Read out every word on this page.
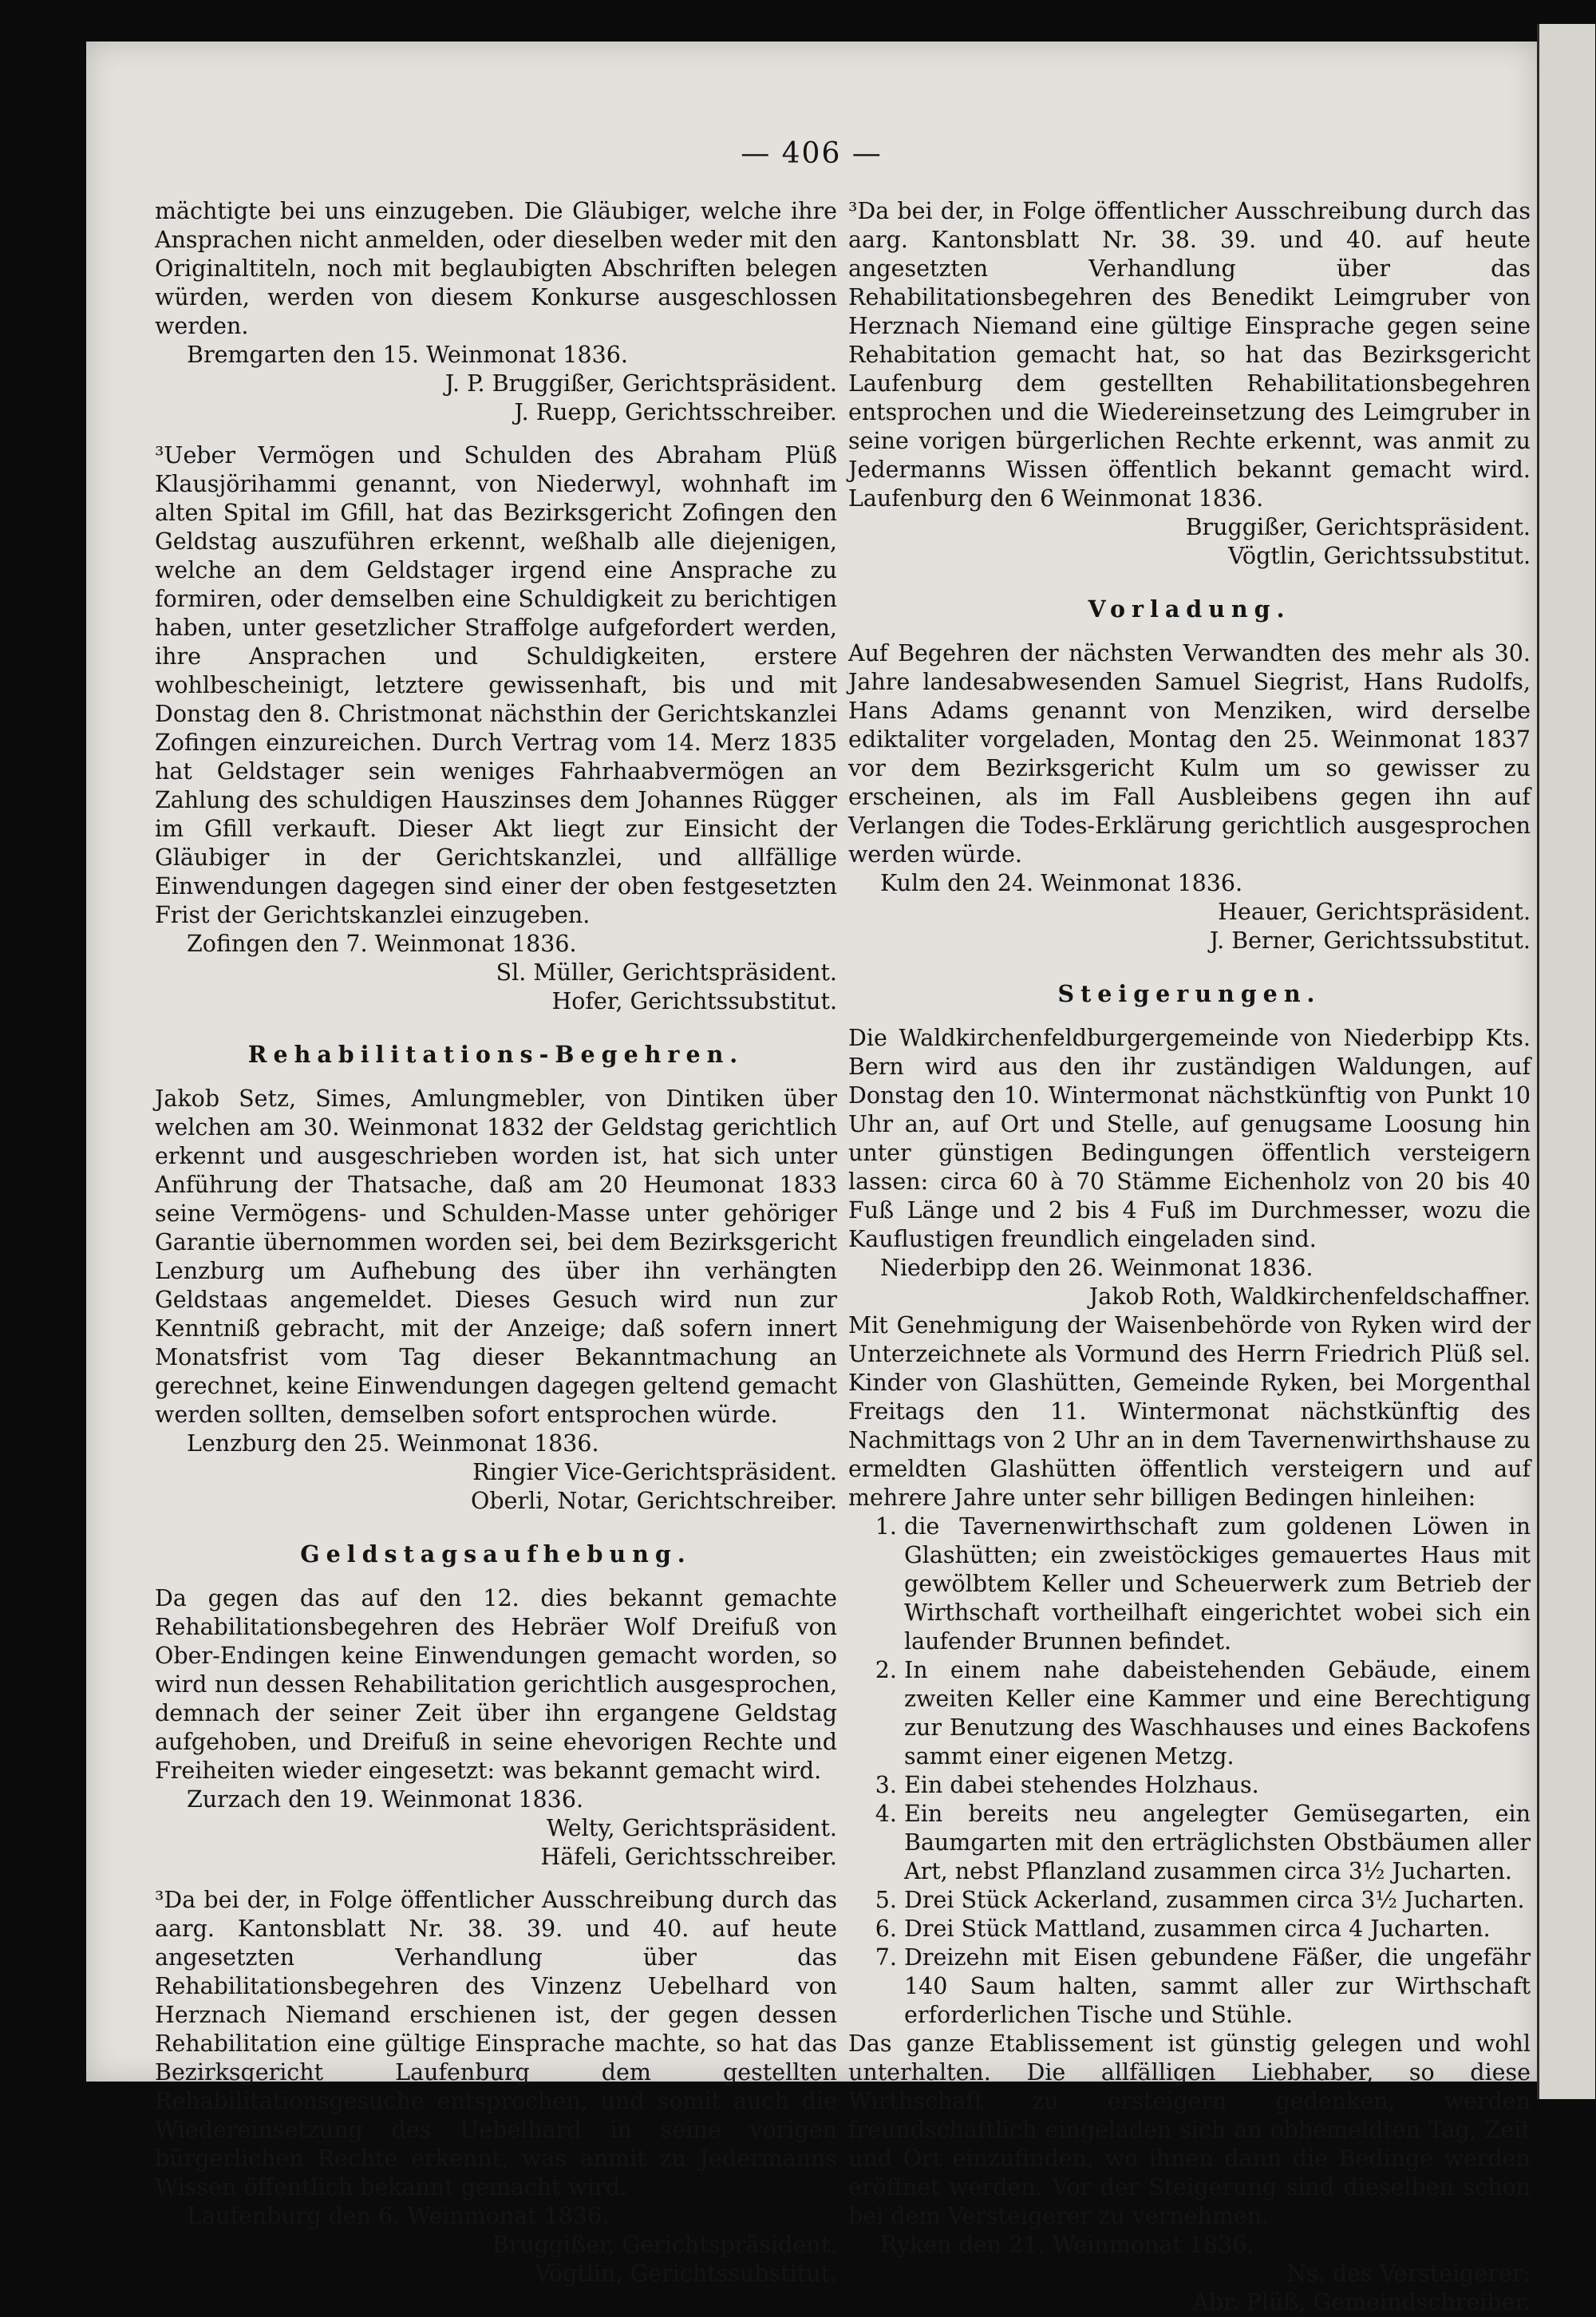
— 406 —

mächtigte bei uns einzugeben. Die Gläubiger, welche ihre Ansprachen nicht anmelden, oder dieselben weder mit den Originaltiteln, noch mit beglaubigten Abschriften belegen würden, werden von diesem Konkurse ausgeschlossen werden.

Bremgarten den 15. Weinmonat 1836.

J. P. Bruggißer, Gerichtspräsident.

J. Ruepp, Gerichtsschreiber.

³Ueber Vermögen und Schulden des Abraham Plüß Klausjörihammi genannt, von Niederwyl, wohnhaft im alten Spital im Gfill, hat das Bezirksgericht Zofingen den Geldstag auszuführen erkennt, weßhalb alle diejenigen, welche an dem Geldstager irgend eine Ansprache zu formiren, oder demselben eine Schuldigkeit zu berichtigen haben, unter gesetzlicher Straffolge aufgefordert werden, ihre Ansprachen und Schuldigkeiten, erstere wohlbescheinigt, letztere gewissenhaft, bis und mit Donstag den 8. Christmonat nächsthin der Gerichtskanzlei Zofingen einzureichen. Durch Vertrag vom 14. Merz 1835 hat Geldstager sein weniges Fahrhaabvermögen an Zahlung des schuldigen Hauszinses dem Johannes Rügger im Gfill verkauft. Dieser Akt liegt zur Einsicht der Gläubiger in der Gerichtskanzlei, und allfällige Einwendungen dagegen sind einer der oben festgesetzten Frist der Gerichtskanzlei einzugeben.

Zofingen den 7. Weinmonat 1836.

Sl. Müller, Gerichtspräsident.

Hofer, Gerichtssubstitut.

Rehabilitations-Begehren.

Jakob Setz, Simes, Amlungmebler, von Dintiken über welchen am 30. Weinmonat 1832 der Geldstag gerichtlich erkennt und ausgeschrieben worden ist, hat sich unter Anführung der Thatsache, daß am 20 Heumonat 1833 seine Vermögens- und Schulden-Masse unter gehöriger Garantie übernommen worden sei, bei dem Bezirksgericht Lenzburg um Aufhebung des über ihn verhängten Geldstaas angemeldet. Dieses Gesuch wird nun zur Kenntniß gebracht, mit der Anzeige; daß sofern innert Monatsfrist vom Tag dieser Bekanntmachung an gerechnet, keine Einwendungen dagegen geltend gemacht werden sollten, demselben sofort entsprochen würde.

Lenzburg den 25. Weinmonat 1836.

Ringier Vice-Gerichtspräsident.

Oberli, Notar, Gerichtschreiber.

Geldstagsaufhebung.

Da gegen das auf den 12. dies bekannt gemachte Rehabilitationsbegehren des Hebräer Wolf Dreifuß von Ober-Endingen keine Einwendungen gemacht worden, so wird nun dessen Rehabilitation gerichtlich ausgesprochen, demnach der seiner Zeit über ihn ergangene Geldstag aufgehoben, und Dreifuß in seine ehevorigen Rechte und Freiheiten wieder eingesetzt: was bekannt gemacht wird.

Zurzach den 19. Weinmonat 1836.

Welty, Gerichtspräsident.

Häfeli, Gerichtsschreiber.

³Da bei der, in Folge öffentlicher Ausschreibung durch das aarg. Kantonsblatt Nr. 38. 39. und 40. auf heute angesetzten Verhandlung über das Rehabilitationsbegehren des Vinzenz Uebelhard von Herznach Niemand erschienen ist, der gegen dessen Rehabilitation eine gültige Einsprache machte, so hat das Bezirksgericht Laufenburg dem gestellten Rehabilitationsgesuche entsprochen, und somit auch die Wiedereinsetzung des Uebelhard in seine vorigen bürgerlichen Rechte erkennt, was anmit zu Jedermanns Wissen öffentlich bekannt gemacht wird.

Laufenburg den 6. Weinmonat 1836.

Bruggißer, Gerichtspräsident.

Vögtlin, Gerichtssubstitut.

³Da bei der, in Folge öffentlicher Ausschreibung durch das aarg. Kantonsblatt Nr. 38. 39. und 40. auf heute angesetzten Verhandlung über das Rehabilitationsbegehren des Benedikt Leimgruber von Herznach Niemand eine gültige Einsprache gegen seine Rehabitation gemacht hat, so hat das Bezirksgericht Laufenburg dem gestellten Rehabilitationsbegehren entsprochen und die Wiedereinsetzung des Leimgruber in seine vorigen bürgerlichen Rechte erkennt, was anmit zu Jedermanns Wissen öffentlich bekannt gemacht wird. Laufenburg den 6 Weinmonat 1836.

Bruggißer, Gerichtspräsident.

Vögtlin, Gerichtssubstitut.

Vorladung.

Auf Begehren der nächsten Verwandten des mehr als 30. Jahre landesabwesenden Samuel Siegrist, Hans Rudolfs, Hans Adams genannt von Menziken, wird derselbe ediktaliter vorgeladen, Montag den 25. Weinmonat 1837 vor dem Bezirksgericht Kulm um so gewisser zu erscheinen, als im Fall Ausbleibens gegen ihn auf Verlangen die Todes-Erklärung gerichtlich ausgesprochen werden würde.

Kulm den 24. Weinmonat 1836.

Heauer, Gerichtspräsident.

J. Berner, Gerichtssubstitut.

Steigerungen.

Die Waldkirchenfeldburgergemeinde von Niederbipp Kts. Bern wird aus den ihr zuständigen Waldungen, auf Donstag den 10. Wintermonat nächstkünftig von Punkt 10 Uhr an, auf Ort und Stelle, auf genugsame Loosung hin unter günstigen Bedingungen öffentlich versteigern lassen: circa 60 à 70 Stämme Eichenholz von 20 bis 40 Fuß Länge und 2 bis 4 Fuß im Durchmesser, wozu die Kauflustigen freundlich eingeladen sind.

Niederbipp den 26. Weinmonat 1836.

Jakob Roth, Waldkirchenfeldschaffner.

Mit Genehmigung der Waisenbehörde von Ryken wird der Unterzeichnete als Vormund des Herrn Friedrich Plüß sel. Kinder von Glashütten, Gemeinde Ryken, bei Morgenthal Freitags den 11. Wintermonat nächstkünftig des Nachmittags von 2 Uhr an in dem Tavernenwirthshause zu ermeldten Glashütten öffentlich versteigern und auf mehrere Jahre unter sehr billigen Bedingen hinleihen:

1. die Tavernenwirthschaft zum goldenen Löwen in Glashütten; ein zweistöckiges gemauertes Haus mit gewölbtem Keller und Scheuerwerk zum Betrieb der Wirthschaft vortheilhaft eingerichtet wobei sich ein laufender Brunnen befindet.
2. In einem nahe dabeistehenden Gebäude, einem zweiten Keller eine Kammer und eine Berechtigung zur Benutzung des Waschhauses und eines Backofens sammt einer eigenen Metzg.
3. Ein dabei stehendes Holzhaus.
4. Ein bereits neu angelegter Gemüsegarten, ein Baumgarten mit den erträglichsten Obstbäumen aller Art, nebst Pflanzland zusammen circa 3½ Jucharten.
5. Drei Stück Ackerland, zusammen circa 3½ Jucharten.
6. Drei Stück Mattland, zusammen circa 4 Jucharten.
7. Dreizehn mit Eisen gebundene Fäßer, die ungefähr 140 Saum halten, sammt aller zur Wirthschaft erforderlichen Tische und Stühle.

Das ganze Etablissement ist günstig gelegen und wohl unterhalten. Die allfälligen Liebhaber, so diese Wirthschaft zu ersteigern gedenken, werden freundschaftlich eingeladen sich an obbemeldten Tag, Zeit und Ort einzufinden, wo ihnen dann die Bedinge werden eröffnet werden. Vor der Steigerung sind dieselben schon bei dem Versteigerer zu vernehmen.

Ryken den 21. Weinmonat 1836.

Ns. des Versteigerer:

Abr. Plüß, Gemeindschreiber.
